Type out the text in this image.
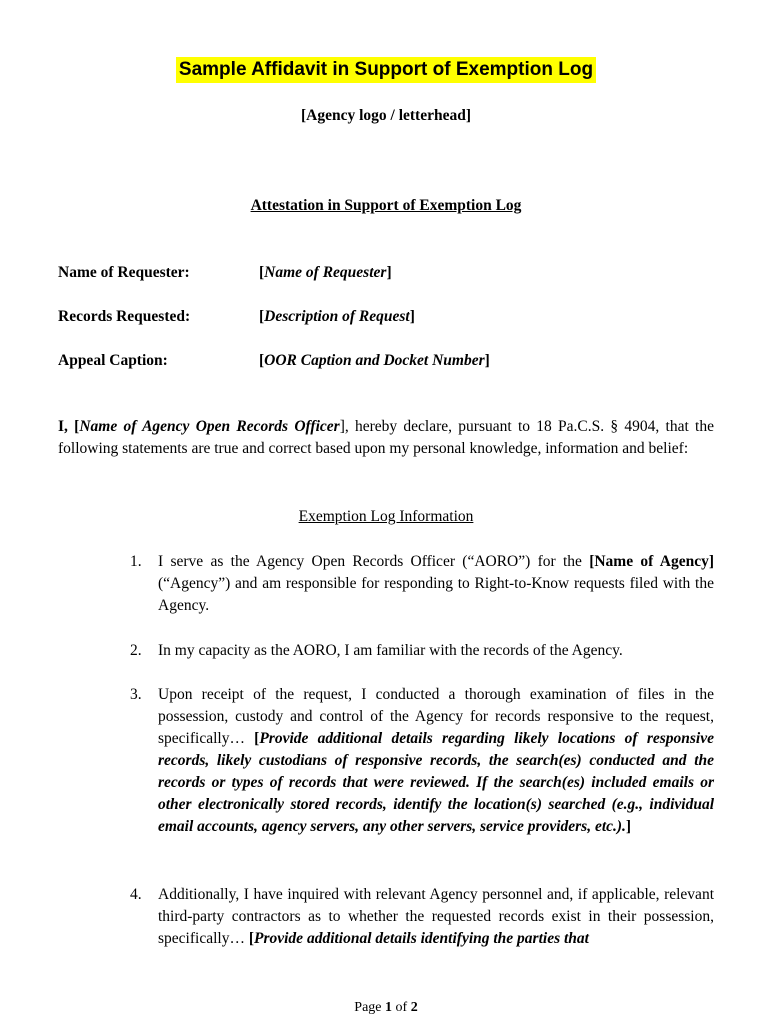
Sample Affidavit in Support of Exemption Log
[Agency logo / letterhead]
Attestation in Support of Exemption Log
Name of Requester:	[Name of Requester]
Records Requested:	[Description of Request]
Appeal Caption:	[OOR Caption and Docket Number]
I, [Name of Agency Open Records Officer], hereby declare, pursuant to 18 Pa.C.S. § 4904, that the following statements are true and correct based upon my personal knowledge, information and belief:
Exemption Log Information
1.	I serve as the Agency Open Records Officer (“AORO”) for the [Name of Agency] (“Agency”) and am responsible for responding to Right-to-Know requests filed with the Agency.
2.	In my capacity as the AORO, I am familiar with the records of the Agency.
3.	Upon receipt of the request, I conducted a thorough examination of files in the possession, custody and control of the Agency for records responsive to the request, specifically… [Provide additional details regarding likely locations of responsive records, likely custodians of responsive records, the search(es) conducted and the records or types of records that were reviewed. If the search(es) included emails or other electronically stored records, identify the location(s) searched (e.g., individual email accounts, agency servers, any other servers, service providers, etc.).]
4.	Additionally, I have inquired with relevant Agency personnel and, if applicable, relevant third-party contractors as to whether the requested records exist in their possession, specifically… [Provide additional details identifying the parties that
Page 1 of 2
